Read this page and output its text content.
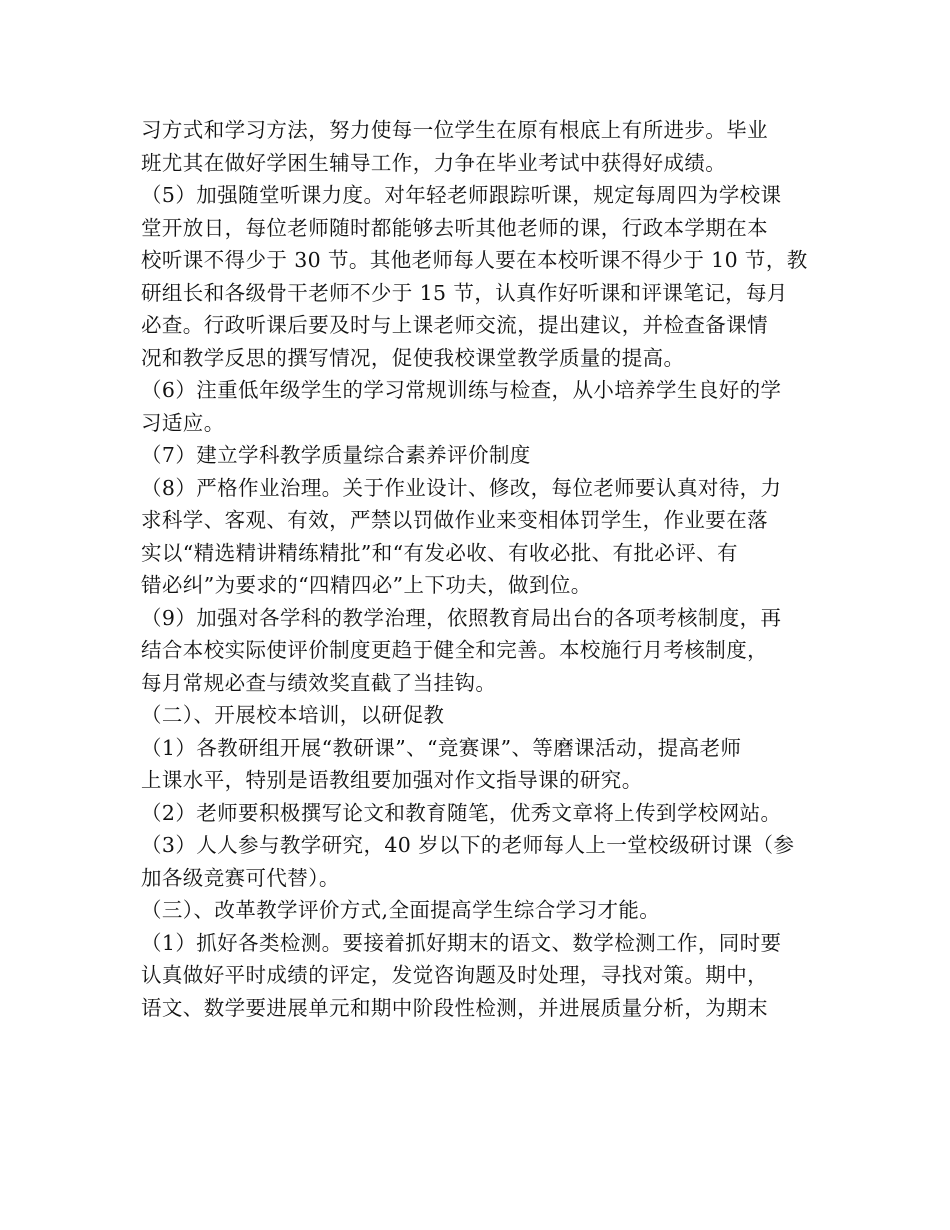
习方式和学习方法，努力使每一位学生在原有根底上有所进步。毕业
班尤其在做好学困生辅导工作，力争在毕业考试中获得好成绩。
（5）加强随堂听课力度。对年轻老师跟踪听课，规定每周四为学校课
堂开放日，每位老师随时都能够去听其他老师的课，行政本学期在本
校听课不得少于 30 节。其他老师每人要在本校听课不得少于 10 节，教
研组长和各级骨干老师不少于 15 节，认真作好听课和评课笔记，每月
必查。行政听课后要及时与上课老师交流，提出建议，并检查备课情
况和教学反思的撰写情况，促使我校课堂教学质量的提高。
（6）注重低年级学生的学习常规训练与检查，从小培养学生良好的学
习适应。
（7）建立学科教学质量综合素养评价制度
（8）严格作业治理。关于作业设计、修改，每位老师要认真对待，力
求科学、客观、有效，严禁以罚做作业来变相体罚学生，作业要在落
实以“精选精讲精练精批”和“有发必收、有收必批、有批必评、有
错必纠”为要求的“四精四必”上下功夫，做到位。
（9）加强对各学科的教学治理，依照教育局出台的各项考核制度，再
结合本校实际使评价制度更趋于健全和完善。本校施行月考核制度，
每月常规必查与绩效奖直截了当挂钩。
（二）、开展校本培训，以研促教
（1）各教研组开展“教研课”、“竞赛课”、等磨课活动，提高老师
上课水平，特别是语教组要加强对作文指导课的研究。
（2）老师要积极撰写论文和教育随笔，优秀文章将上传到学校网站。
（3）人人参与教学研究，40 岁以下的老师每人上一堂校级研讨课（参
加各级竞赛可代替）。
（三）、改革教学评价方式,全面提高学生综合学习才能。
（1）抓好各类检测。要接着抓好期末的语文、数学检测工作，同时要
认真做好平时成绩的评定，发觉咨询题及时处理，寻找对策。期中，
语文、数学要进展单元和期中阶段性检测，并进展质量分析，为期末
